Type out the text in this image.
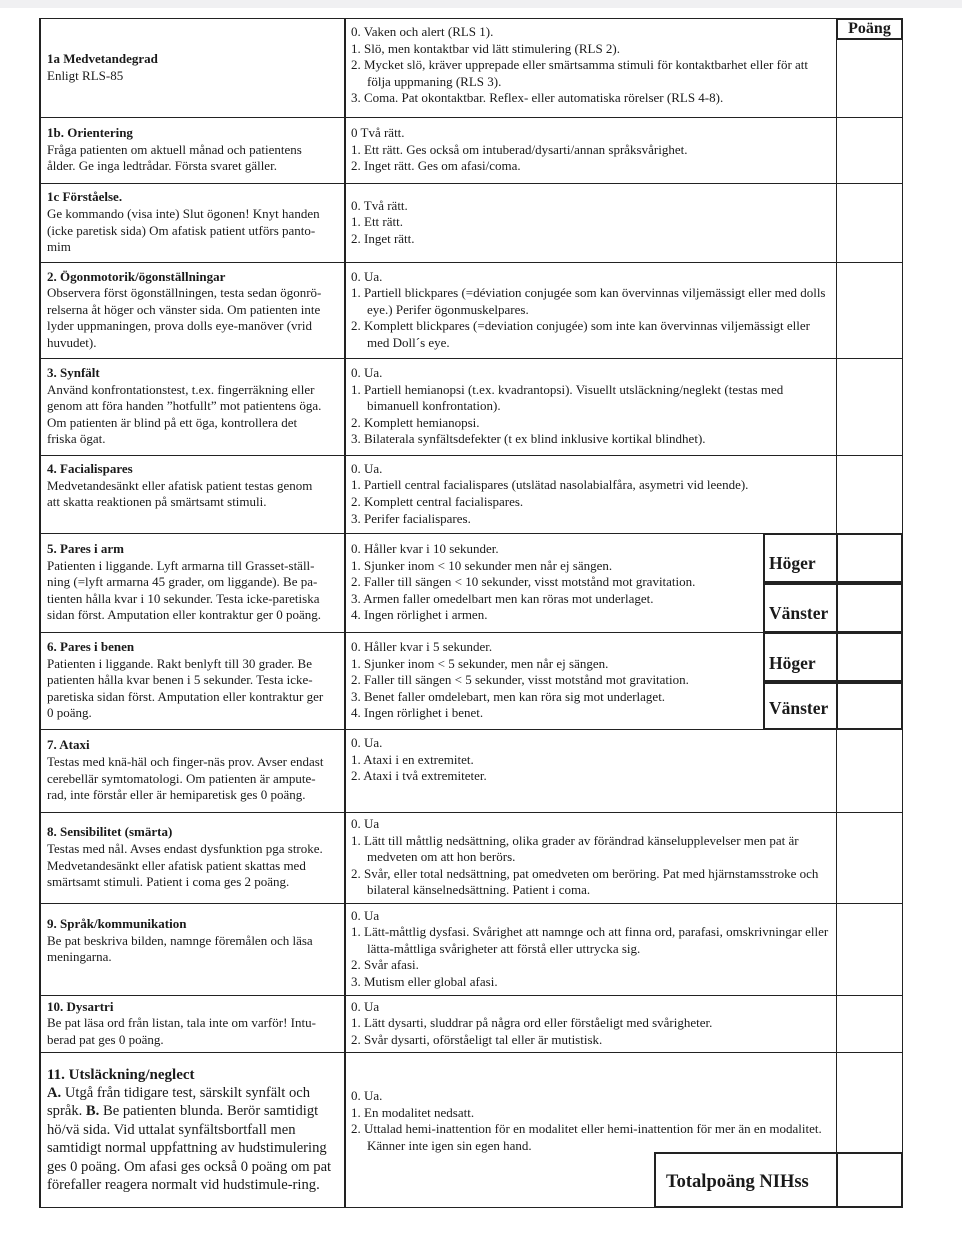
Poäng
1a Medvetandegrad
Enligt RLS-85
0. Vaken och alert (RLS 1).
1. Slö, men kontaktbar vid lätt stimulering (RLS 2).
2. Mycket slö, kräver upprepade eller smärtsamma stimuli för kontaktbarhet eller för att följa uppmaning (RLS 3).
3. Coma. Pat okontaktbar. Reflex- eller automatiska rörelser (RLS 4-8).
1b. Orientering
Fråga patienten om aktuell månad och patientens
ålder. Ge inga ledtrådar. Första svaret gäller.
0 Två rätt.
1. Ett rätt. Ges också om intuberad/dysarti/annan språksvårighet.
2. Inget rätt. Ges om afasi/coma.
1c Förståelse.
Ge kommando (visa inte) Slut ögonen! Knyt handen
(icke paretisk sida) Om afatisk patient utförs panto-
mim
0. Två rätt.
1. Ett rätt.
2. Inget rätt.
2. Ögonmotorik/ögonställningar
Observera först ögonställningen, testa sedan ögonrö-
relserna åt höger och vänster sida. Om patienten inte
lyder uppmaningen, prova dolls eye-manöver (vrid
huvudet).
0. Ua.
1. Partiell blickpares (=déviation conjugée som kan övervinnas viljemässigt eller med dolls eye.) Perifer ögonmuskelpares.
2. Komplett blickpares (=deviation conjugée) som inte kan övervinnas viljemässigt eller med Doll´s eye.
3. Synfält
Använd konfrontationstest, t.ex. fingerräkning eller
genom att föra handen ”hotfullt” mot patientens öga.
Om patienten är blind på ett öga, kontrollera det
friska ögat.
0. Ua.
1. Partiell hemianopsi (t.ex. kvadrantopsi). Visuellt utsläckning/neglekt (testas med bimanuell konfrontation).
2. Komplett hemianopsi.
3. Bilaterala synfältsdefekter (t ex blind inklusive kortikal blindhet).
4. Facialispares
Medvetandesänkt eller afatisk patient testas genom
att skatta reaktionen på smärtsamt stimuli.
0. Ua.
1. Partiell central facialispares (utslätad nasolabialfåra, asymetri vid leende).
2. Komplett central facialispares.
3. Perifer facialispares.
5. Pares i arm
Patienten i liggande. Lyft armarna till Grasset-ställ-
ning (=lyft armarna 45 grader, om liggande). Be pa-
tienten hålla kvar i 10 sekunder. Testa icke-paretiska
sidan först. Amputation eller kontraktur ger 0 poäng.
0. Håller kvar i 10 sekunder.
1. Sjunker inom < 10 sekunder men når ej sängen.
2. Faller till sängen < 10 sekunder, visst motstånd mot gravitation.
3. Armen faller omedelbart men kan röras mot underlaget.
4. Ingen rörlighet i armen.
Höger
Vänster
6. Pares i benen
Patienten i liggande. Rakt benlyft till 30 grader. Be
patienten hålla kvar benen i 5 sekunder. Testa icke-
paretiska sidan först. Amputation eller kontraktur ger
0 poäng.
0. Håller kvar i 5 sekunder.
1. Sjunker inom < 5 sekunder, men når ej sängen.
2. Faller till sängen < 5 sekunder, visst motstånd mot gravitation.
3. Benet faller omdelebart, men kan röra sig mot underlaget.
4. Ingen rörlighet i benet.
Höger
Vänster
7. Ataxi
Testas med knä-häl och finger-näs prov. Avser endast
cerebellär symtomatologi. Om patienten är ampute-
rad, inte förstår eller är hemiparetisk ges 0 poäng.
0. Ua.
1. Ataxi i en extremitet.
2. Ataxi i två extremiteter.
8. Sensibilitet (smärta)
Testas med nål. Avses endast dysfunktion pga stroke.
Medvetandesänkt eller afatisk patient skattas med
smärtsamt stimuli. Patient i coma ges 2 poäng.
0. Ua
1. Lätt till måttlig nedsättning, olika grader av förändrad känselupplevelser men pat är medveten om att hon berörs.
2. Svår, eller total nedsättning, pat omedveten om beröring. Pat med hjärnstamsstroke och bilateral känselnedsättning. Patient i coma.
9. Språk/kommunikation
Be pat beskriva bilden, namnge föremålen och läsa
meningarna.
0. Ua
1. Lätt-måttlig dysfasi. Svårighet att namnge och att finna ord, parafasi, omskrivningar eller lätta-måttliga svårigheter att förstå eller uttrycka sig.
2. Svår afasi.
3. Mutism eller global afasi.
10. Dysartri
Be pat läsa ord från listan, tala inte om varför! Intu-
berad pat ges 0 poäng.
0. Ua
1. Lätt dysarti, sluddrar på några ord eller förståeligt med svårigheter.
2. Svår dysarti, oförståeligt tal eller är mutistisk.
11. Utsläckning/neglect
A. Utgå från tidigare test, särskilt synfält och språk. B. Be patienten blunda. Berör samtidigt hö/vä sida. Vid uttalat synfältsbortfall men samtidigt normal uppfattning av hudstimulering ges 0 poäng. Om afasi ges också 0 poäng om pat förefaller reagera normalt vid hudstimule-ring.
0. Ua.
1. En modalitet nedsatt.
2. Uttalad hemi-inattention för en modalitet eller hemi-inattention för mer än en modalitet. Känner inte igen sin egen hand.
Totalpoäng NIHss
